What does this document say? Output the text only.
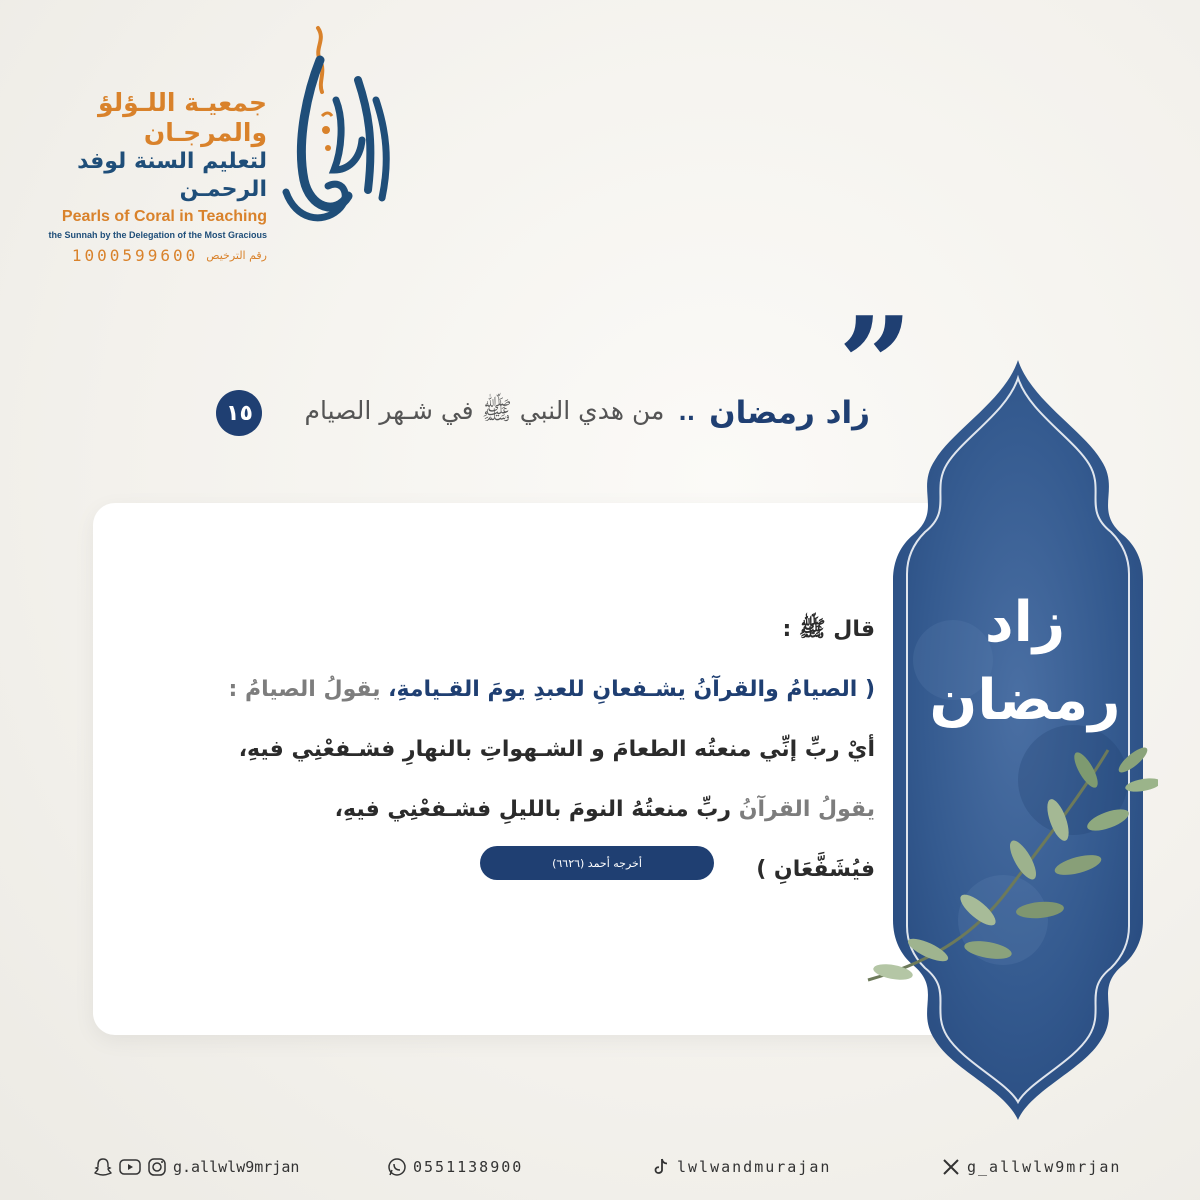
جمعيـة اللـؤلؤ والمرجـان
لتعليم السنة لوفد الرحمـن
Pearls of Coral in Teaching
the Sunnah by the Delegation of the Most Gracious
1000599600 رقم الترخيص
”
١٥	من هدي النبي ﷺ في شـهر الصيام .. زاد رمضان
زاد
رمضان
قال ﷺ :
( الصيامُ والقرآنُ يشـفعانِ للعبدِ يومَ القـيامةِ، يقولُ الصيامُ :
أيْ ربِّ إنِّي منعتُه الطعامَ و الشـهواتِ بالنهارِ فشـفعْنِي فيهِ،
يقولُ القرآنُ ربِّ منعتُهُ النومَ بالليلِ فشـفعْنِي فيهِ،
فيُشَفَّعَانِ )
أخرجه أحمد (٦٦٢٦)
g.allwlw9mrjan	0551138900	lwlwandmurajan	g_allwlw9mrjan
